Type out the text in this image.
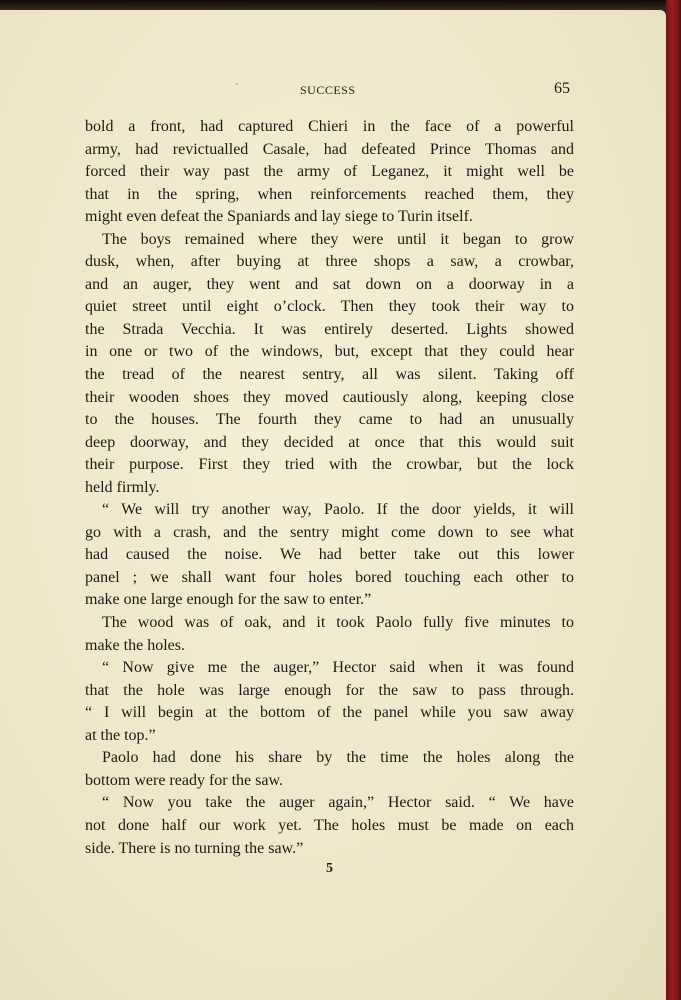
SUCCESS	65
bold a front, had captured Chieri in the face of a powerful
army, had revictualled Casale, had defeated Prince Thomas and
forced their way past the army of Leganez, it might well be
that in the spring, when reinforcements reached them, they
might even defeat the Spaniards and lay siege to Turin itself.
The boys remained where they were until it began to grow
dusk, when, after buying at three shops a saw, a crowbar,
and an auger, they went and sat down on a doorway in a
quiet street until eight o’clock. Then they took their way to
the Strada Vecchia. It was entirely deserted. Lights showed
in one or two of the windows, but, except that they could hear
the tread of the nearest sentry, all was silent. Taking off
their wooden shoes they moved cautiously along, keeping close
to the houses. The fourth they came to had an unusually
deep doorway, and they decided at once that this would suit
their purpose. First they tried with the crowbar, but the lock
held firmly.
“ We will try another way, Paolo. If the door yields, it will
go with a crash, and the sentry might come down to see what
had caused the noise. We had better take out this lower
panel ; we shall want four holes bored touching each other to
make one large enough for the saw to enter.”
The wood was of oak, and it took Paolo fully five minutes to
make the holes.
“ Now give me the auger,” Hector said when it was found
that the hole was large enough for the saw to pass through.
“ I will begin at the bottom of the panel while you saw away
at the top.”
Paolo had done his share by the time the holes along the
bottom were ready for the saw.
“ Now you take the auger again,” Hector said. “ We have
not done half our work yet. The holes must be made on each
side. There is no turning the saw.”
5
